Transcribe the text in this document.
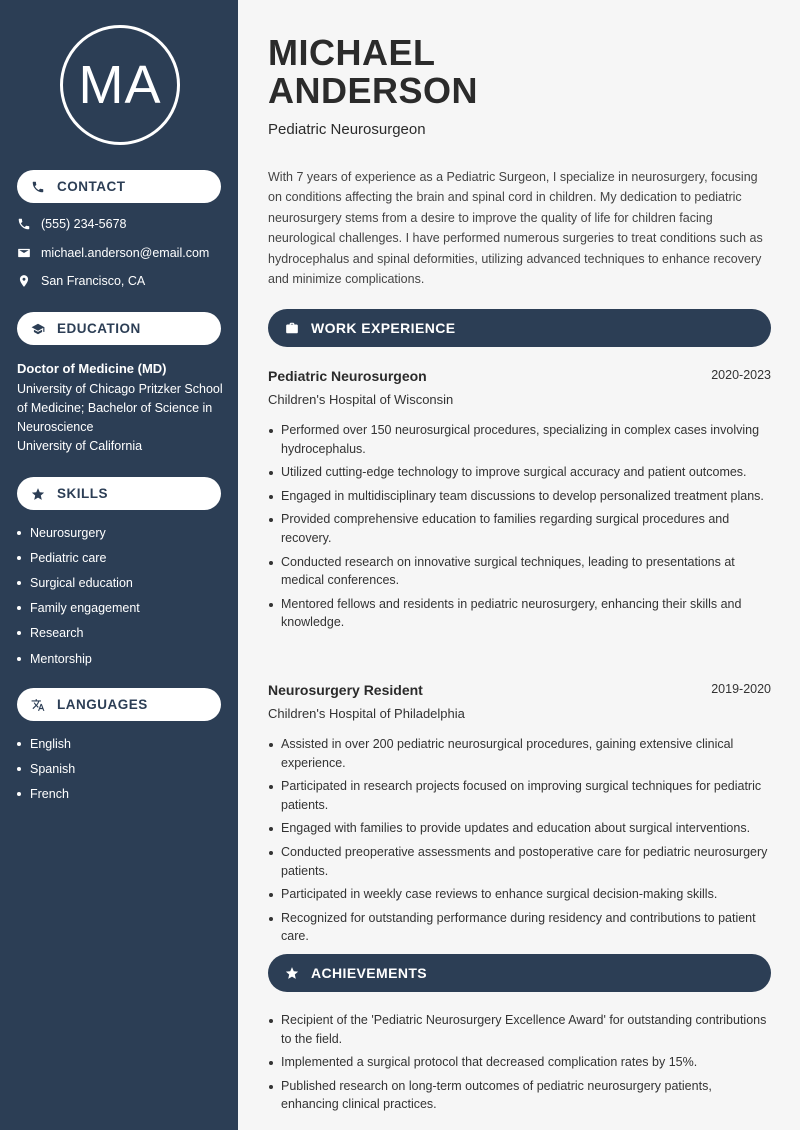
MA
CONTACT
(555) 234-5678
michael.anderson@email.com
San Francisco, CA
EDUCATION
Doctor of Medicine (MD)
University of Chicago Pritzker School of Medicine; Bachelor of Science in Neuroscience
University of California
SKILLS
Neurosurgery
Pediatric care
Surgical education
Family engagement
Research
Mentorship
LANGUAGES
English
Spanish
French
MICHAEL
ANDERSON
Pediatric Neurosurgeon
With 7 years of experience as a Pediatric Surgeon, I specialize in neurosurgery, focusing on conditions affecting the brain and spinal cord in children. My dedication to pediatric neurosurgery stems from a desire to improve the quality of life for children facing neurological challenges. I have performed numerous surgeries to treat conditions such as hydrocephalus and spinal deformities, utilizing advanced techniques to enhance recovery and minimize complications.
WORK EXPERIENCE
Pediatric Neurosurgeon	2020-2023
Children's Hospital of Wisconsin
Performed over 150 neurosurgical procedures, specializing in complex cases involving hydrocephalus.
Utilized cutting-edge technology to improve surgical accuracy and patient outcomes.
Engaged in multidisciplinary team discussions to develop personalized treatment plans.
Provided comprehensive education to families regarding surgical procedures and recovery.
Conducted research on innovative surgical techniques, leading to presentations at medical conferences.
Mentored fellows and residents in pediatric neurosurgery, enhancing their skills and knowledge.
Neurosurgery Resident	2019-2020
Children's Hospital of Philadelphia
Assisted in over 200 pediatric neurosurgical procedures, gaining extensive clinical experience.
Participated in research projects focused on improving surgical techniques for pediatric patients.
Engaged with families to provide updates and education about surgical interventions.
Conducted preoperative assessments and postoperative care for pediatric neurosurgery patients.
Participated in weekly case reviews to enhance surgical decision-making skills.
Recognized for outstanding performance during residency and contributions to patient care.
ACHIEVEMENTS
Recipient of the 'Pediatric Neurosurgery Excellence Award' for outstanding contributions to the field.
Implemented a surgical protocol that decreased complication rates by 15%.
Published research on long-term outcomes of pediatric neurosurgery patients, enhancing clinical practices.
